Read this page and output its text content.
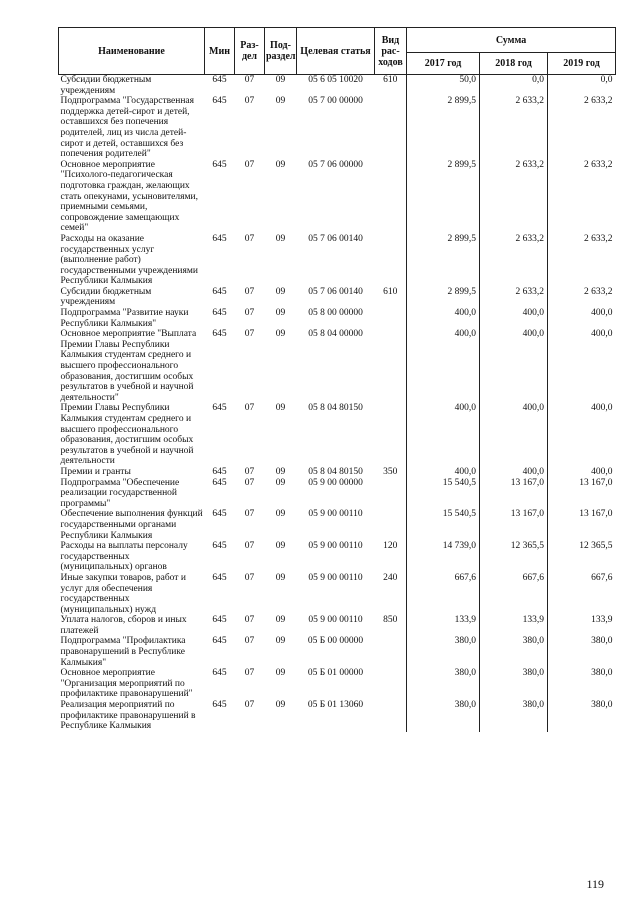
Наименование	Мин	Раз-дел	Под-раздел	Целевая статья	Вид рас-ходов	Сумма		
						2017 год	2018 год	2019 год
Субсидии бюджетным учреждениям	645	07	09	05 6 05 10020	610	50,0	0,0	0,0
Подпрограмма "Государственная поддержка детей-сирот и детей, оставшихся без попечения родителей, лиц из числа детей-сирот и детей, оставшихся без попечения родителей"	645	07	09	05 7 00 00000		2 899,5	2 633,2	2 633,2
Основное мероприятие "Психолого-педагогическая подготовка граждан, желающих стать опекунами, усыновителями, приемными семьями, сопровождение замещающих семей"	645	07	09	05 7 06 00000		2 899,5	2 633,2	2 633,2
Расходы на оказание государственных услуг (выполнение работ) государственными учреждениями Республики Калмыкия	645	07	09	05 7 06 00140		2 899,5	2 633,2	2 633,2
Субсидии бюджетным учреждениям	645	07	09	05 7 06 00140	610	2 899,5	2 633,2	2 633,2
Подпрограмма "Развитие науки Республики Калмыкия"	645	07	09	05 8 00 00000		400,0	400,0	400,0
Основное мероприятие "Выплата Премии Главы Республики Калмыкия студентам среднего и высшего профессионального образования, достигшим особых результатов в учебной и научной деятельности"	645	07	09	05 8 04 00000		400,0	400,0	400,0
Премии Главы Республики Калмыкия студентам среднего и высшего профессионального образования, достигшим особых результатов в учебной и научной деятельности	645	07	09	05 8 04 80150		400,0	400,0	400,0
Премии и гранты	645	07	09	05 8 04 80150	350	400,0	400,0	400,0
Подпрограмма "Обеспечение реализации государственной программы"	645	07	09	05 9 00 00000		15 540,5	13 167,0	13 167,0
Обеспечение выполнения функций государственными органами Республики Калмыкия	645	07	09	05 9 00 00110		15 540,5	13 167,0	13 167,0
Расходы на выплаты персоналу государственных (муниципальных) органов	645	07	09	05 9 00 00110	120	14 739,0	12 365,5	12 365,5
Иные закупки товаров, работ и услуг для обеспечения государственных (муниципальных) нужд	645	07	09	05 9 00 00110	240	667,6	667,6	667,6
Уплата налогов, сборов и иных платежей	645	07	09	05 9 00 00110	850	133,9	133,9	133,9
Подпрограмма "Профилактика правонарушений в Республике Калмыкия"	645	07	09	05 Б 00 00000		380,0	380,0	380,0
Основное мероприятие "Организация мероприятий по профилактике правонарушений"	645	07	09	05 Б 01 00000		380,0	380,0	380,0
Реализация мероприятий по профилактике правонарушений в Республике Калмыкия	645	07	09	05 Б 01 13060		380,0	380,0	380,0
119
